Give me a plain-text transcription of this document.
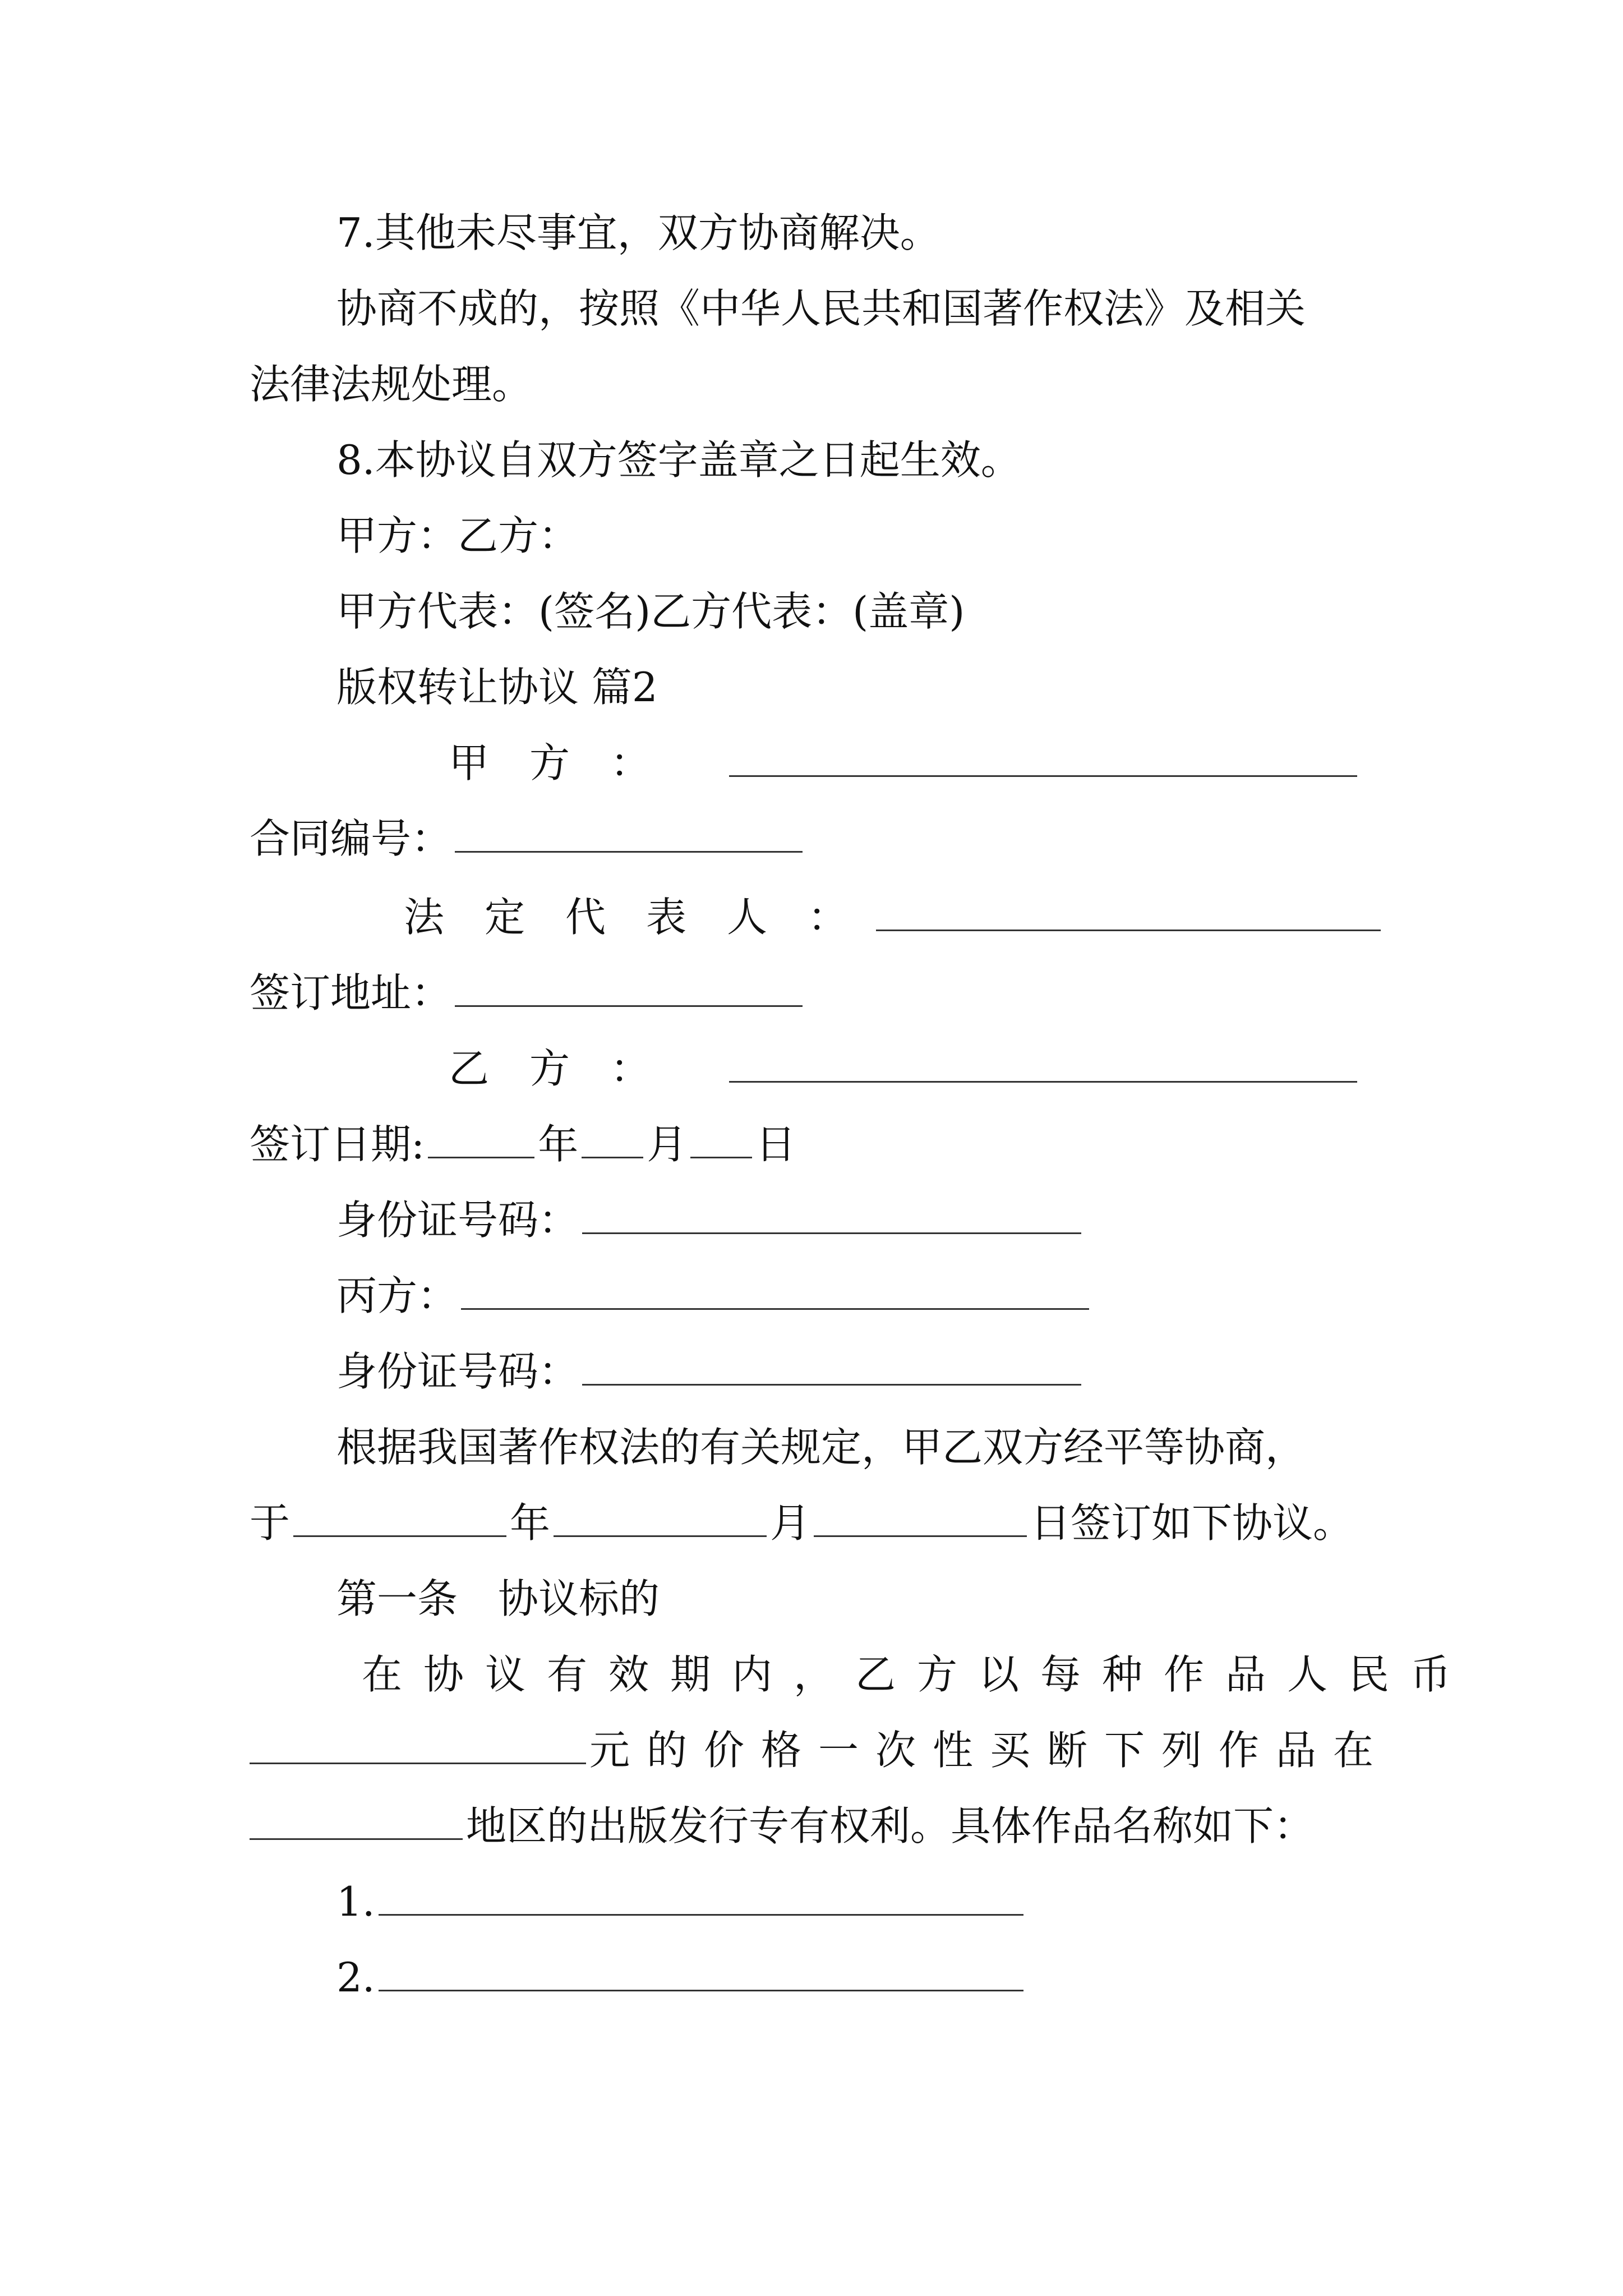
7.其他未尽事宜，双方协商解决。
协商不成的，按照《中华人民共和国著作权法》及相关
法律法规处理。
8.本协议自双方签字盖章之日起生效。
甲方：乙方：
甲方代表：(签名)乙方代表：(盖章)
版权转让协议 篇2
甲　方　：
合同编号：
法　定　代　表　人　：
签订地址：
乙　方　：
签订日期:	年 月 日
身份证号码：
丙方：
身份证号码：
根据我国著作权法的有关规定，甲乙双方经平等协商，
于	年	月	日签订如下协议。
第一条　协议标的
在协议有效期内，乙方以每种作品人民币
元的价格一次性买断下列作品在
地区的出版发行专有权利。具体作品名称如下：
1.
2.
